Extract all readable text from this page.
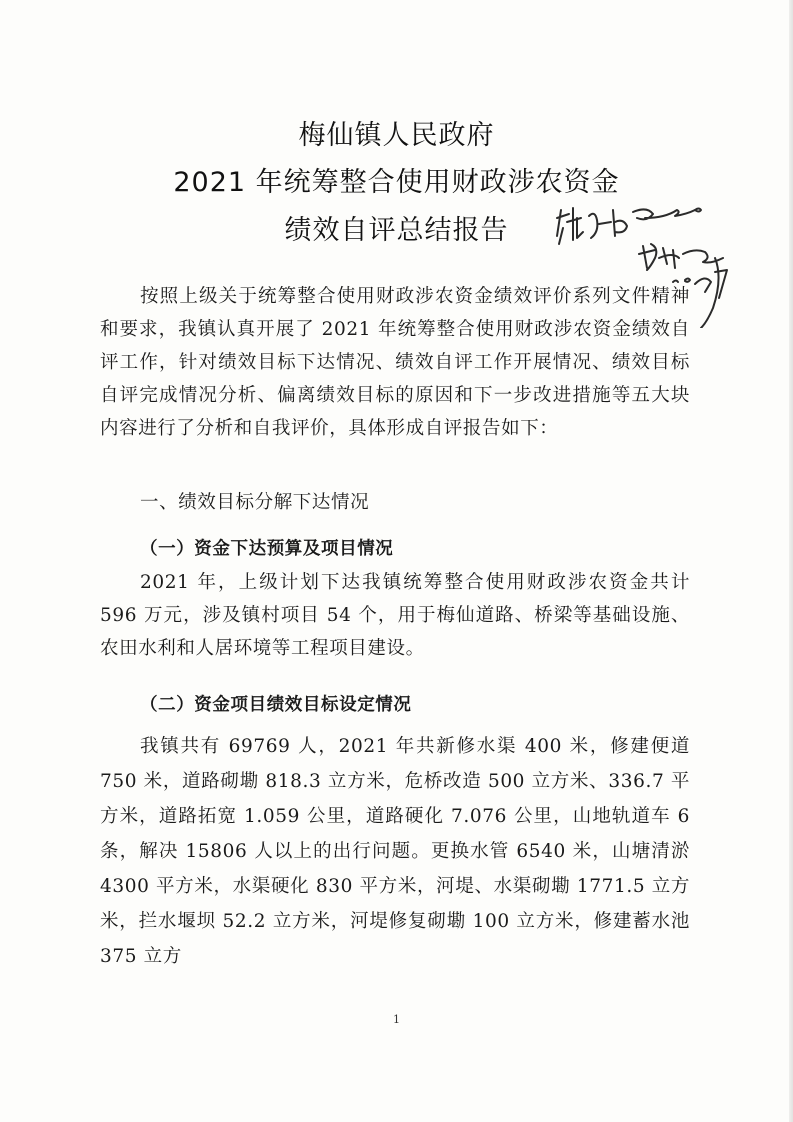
梅仙镇人民政府
2021 年统筹整合使用财政涉农资金
绩效自评总结报告
按照上级关于统筹整合使用财政涉农资金绩效评价系列文件精神和要求，我镇认真开展了 2021 年统筹整合使用财政涉农资金绩效自评工作，针对绩效目标下达情况、绩效自评工作开展情况、绩效目标自评完成情况分析、偏离绩效目标的原因和下一步改进措施等五大块内容进行了分析和自我评价，具体形成自评报告如下：
一、绩效目标分解下达情况
（一）资金下达预算及项目情况
2021 年，上级计划下达我镇统筹整合使用财政涉农资金共计 596 万元，涉及镇村项目 54 个，用于梅仙道路、桥梁等基础设施、农田水利和人居环境等工程项目建设。
（二）资金项目绩效目标设定情况
我镇共有 69769 人，2021 年共新修水渠 400 米，修建便道 750 米，道路砌墈 818.3 立方米，危桥改造 500 立方米、336.7 平方米，道路拓宽 1.059 公里，道路硬化 7.076 公里，山地轨道车 6 条，解决 15806 人以上的出行问题。更换水管 6540 米，山塘清淤 4300 平方米，水渠硬化 830 平方米，河堤、水渠砌墈 1771.5 立方米，拦水堰坝 52.2 立方米，河堤修复砌墈 100 立方米，修建蓄水池 375 立方
1
